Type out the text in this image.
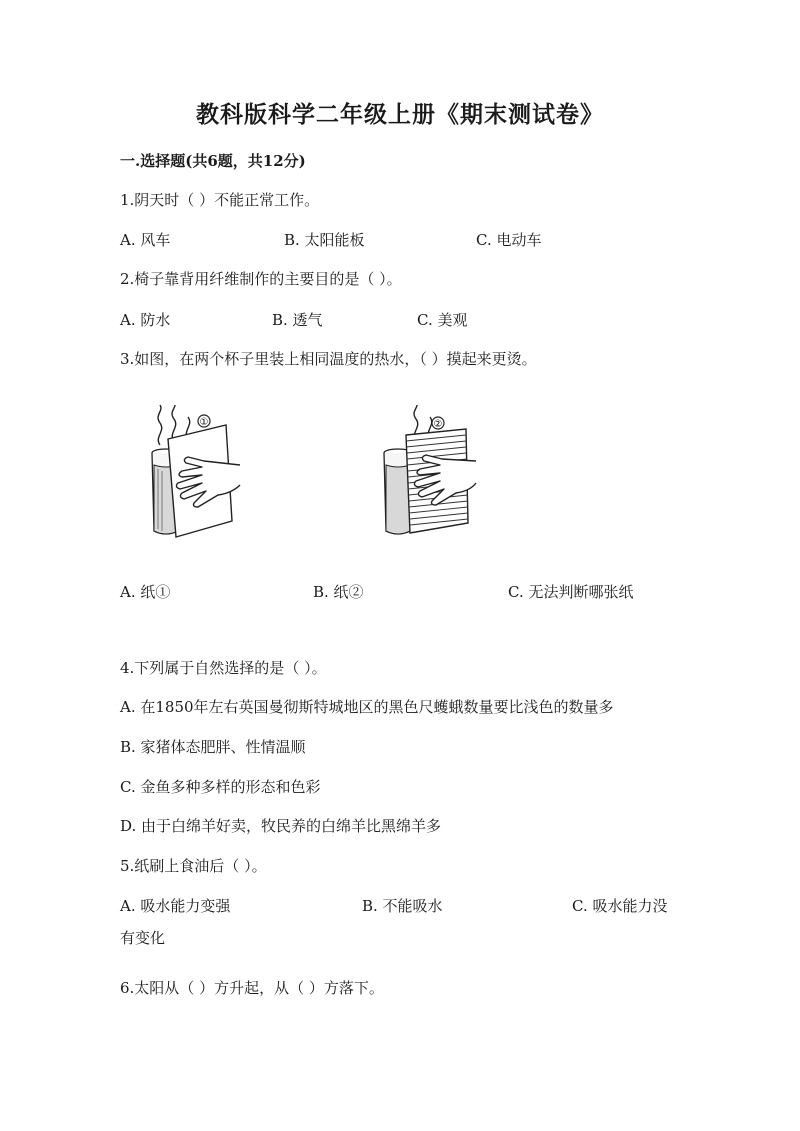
教科版科学二年级上册《期末测试卷》
一.选择题(共6题，共12分)
1.阴天时（ ）不能正常工作。
A. 风车	B. 太阳能板	C. 电动车
2.椅子靠背用纤维制作的主要目的是（ ）。
A. 防水	B. 透气	C. 美观
3.如图，在两个杯子里装上相同温度的热水，（ ）摸起来更烫。
①	②
A. 纸①	B. 纸②	C. 无法判断哪张纸
4.下列属于自然选择的是（ ）。
A. 在1850年左右英国曼彻斯特城地区的黑色尺蠖蛾数量要比浅色的数量多
B. 家猪体态肥胖、性情温顺
C. 金鱼多种多样的形态和色彩
D. 由于白绵羊好卖，牧民养的白绵羊比黑绵羊多
5.纸刷上食油后（ ）。
A. 吸水能力变强	B. 不能吸水	C. 吸水能力没
有变化
6.太阳从（ ）方升起，从（ ）方落下。
